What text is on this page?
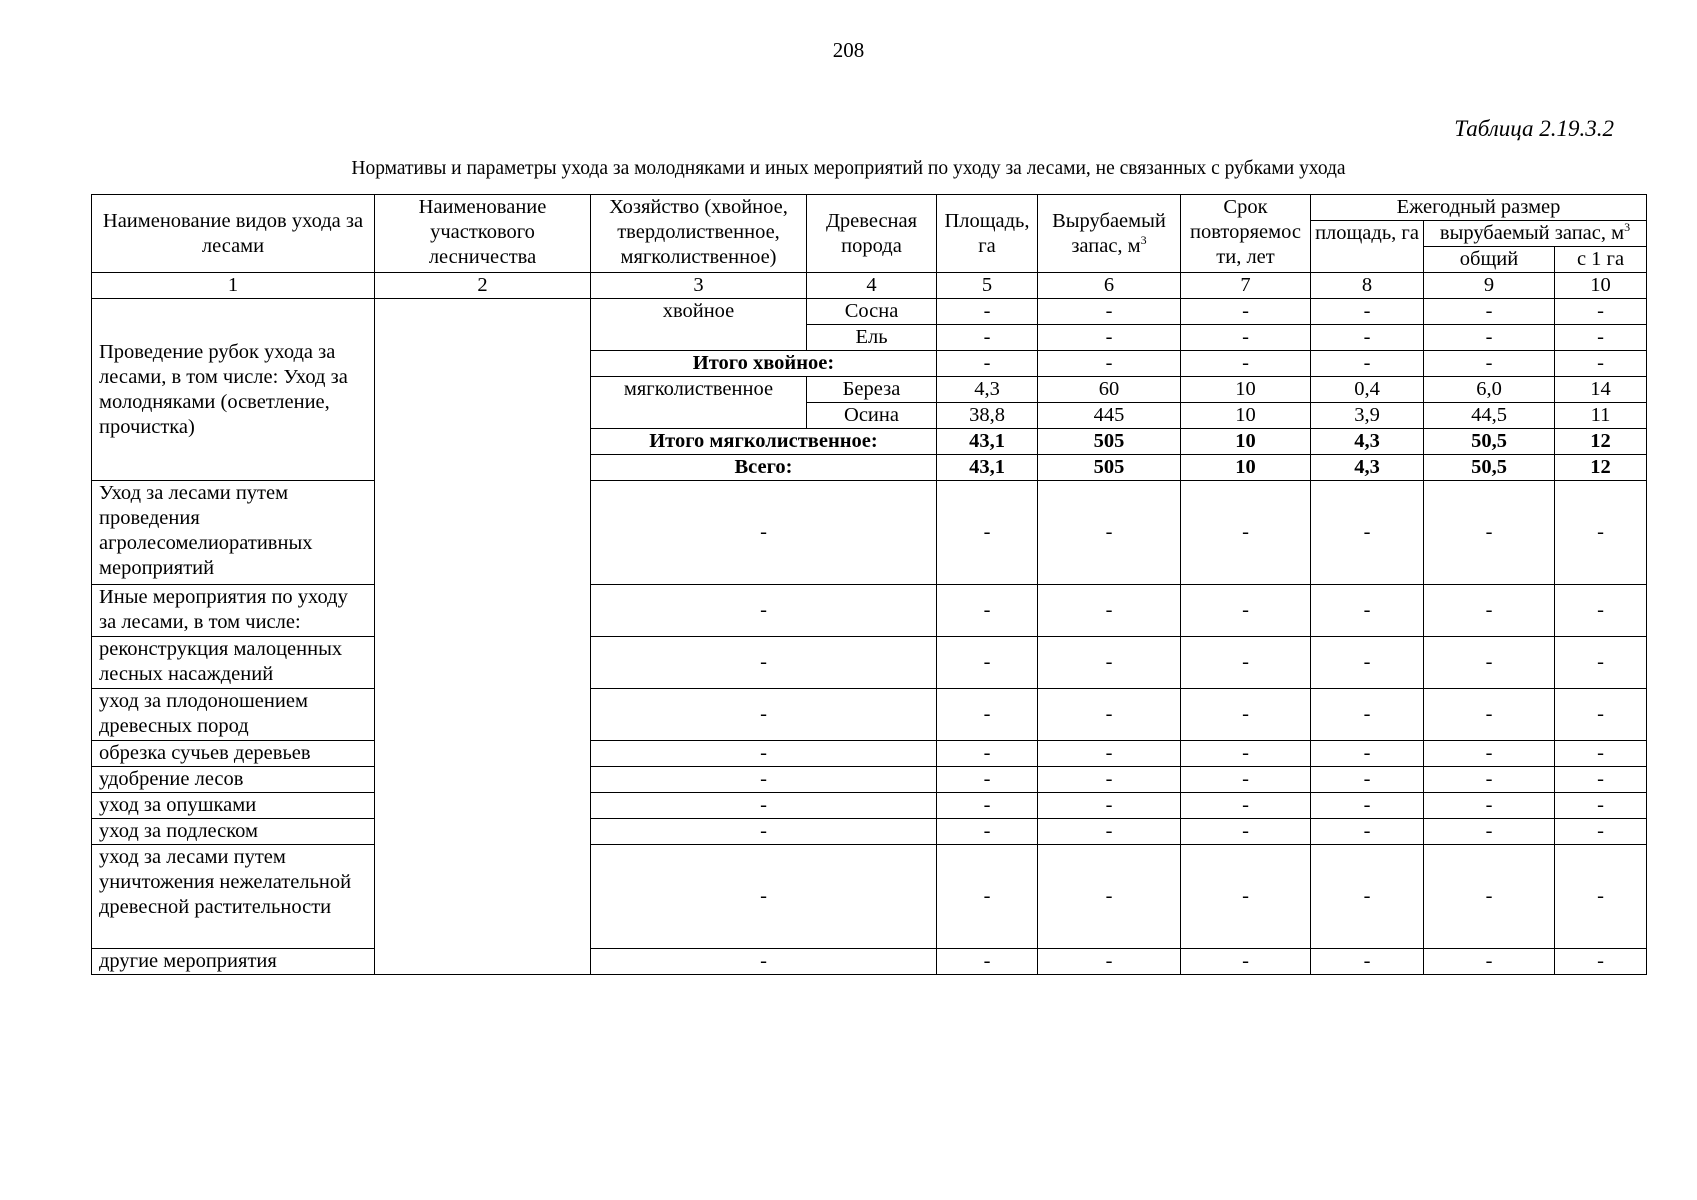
208
Таблица 2.19.3.2
Нормативы и параметры ухода за молодняками и иных мероприятий по уходу за лесами, не связанных с рубками ухода
Наименование видов ухода за лесами	Наименование участкового лесничества	Хозяйство (хвойное, твердолиственное, мягколиственное)	Древесная порода	Площадь, га	Вырубаемый запас, $м^3$	Срок повторяемос ти, лет	Ежегодный размер		
							площадь, га	вырубаемый запас, $м^3$
								общий	с 1 га
1	2	3	4	5	6	7	8	9	10
Проведение рубок ухода за лесами, в том числе: Уход за молодняками (осветление, прочистка)		хвойное	Сосна	-	-	-	-	-	-
			Ель	-	-	-	-	-	-
		Итого хвойное:		-	-	-	-	-	-
		мягколиственное	Береза	4,3	60	10	0,4	6,0	14
			Осина	38,8	445	10	3,9	44,5	11
		Итого мягколиственное:		43,1	505	10	4,3	50,5	12
		Всего:		43,1	505	10	4,3	50,5	12
Уход за лесами путем проведения агролесомелиоративных мероприятий		-		-	-	-	-	-	-
Иные мероприятия по уходу за лесами, в том числе:		-		-	-	-	-	-	-
реконструкция малоценных лесных насаждений		-		-	-	-	-	-	-
уход за плодоношением древесных пород		-		-	-	-	-	-	-
обрезка сучьев деревьев		-		-	-	-	-	-	-
удобрение лесов		-		-	-	-	-	-	-
уход за опушками		-		-	-	-	-	-	-
уход за подлеском		-		-	-	-	-	-	-
уход за лесами путем уничтожения нежелательной древесной растительности		-		-	-	-	-	-	-
другие мероприятия		-		-	-	-	-	-	-
